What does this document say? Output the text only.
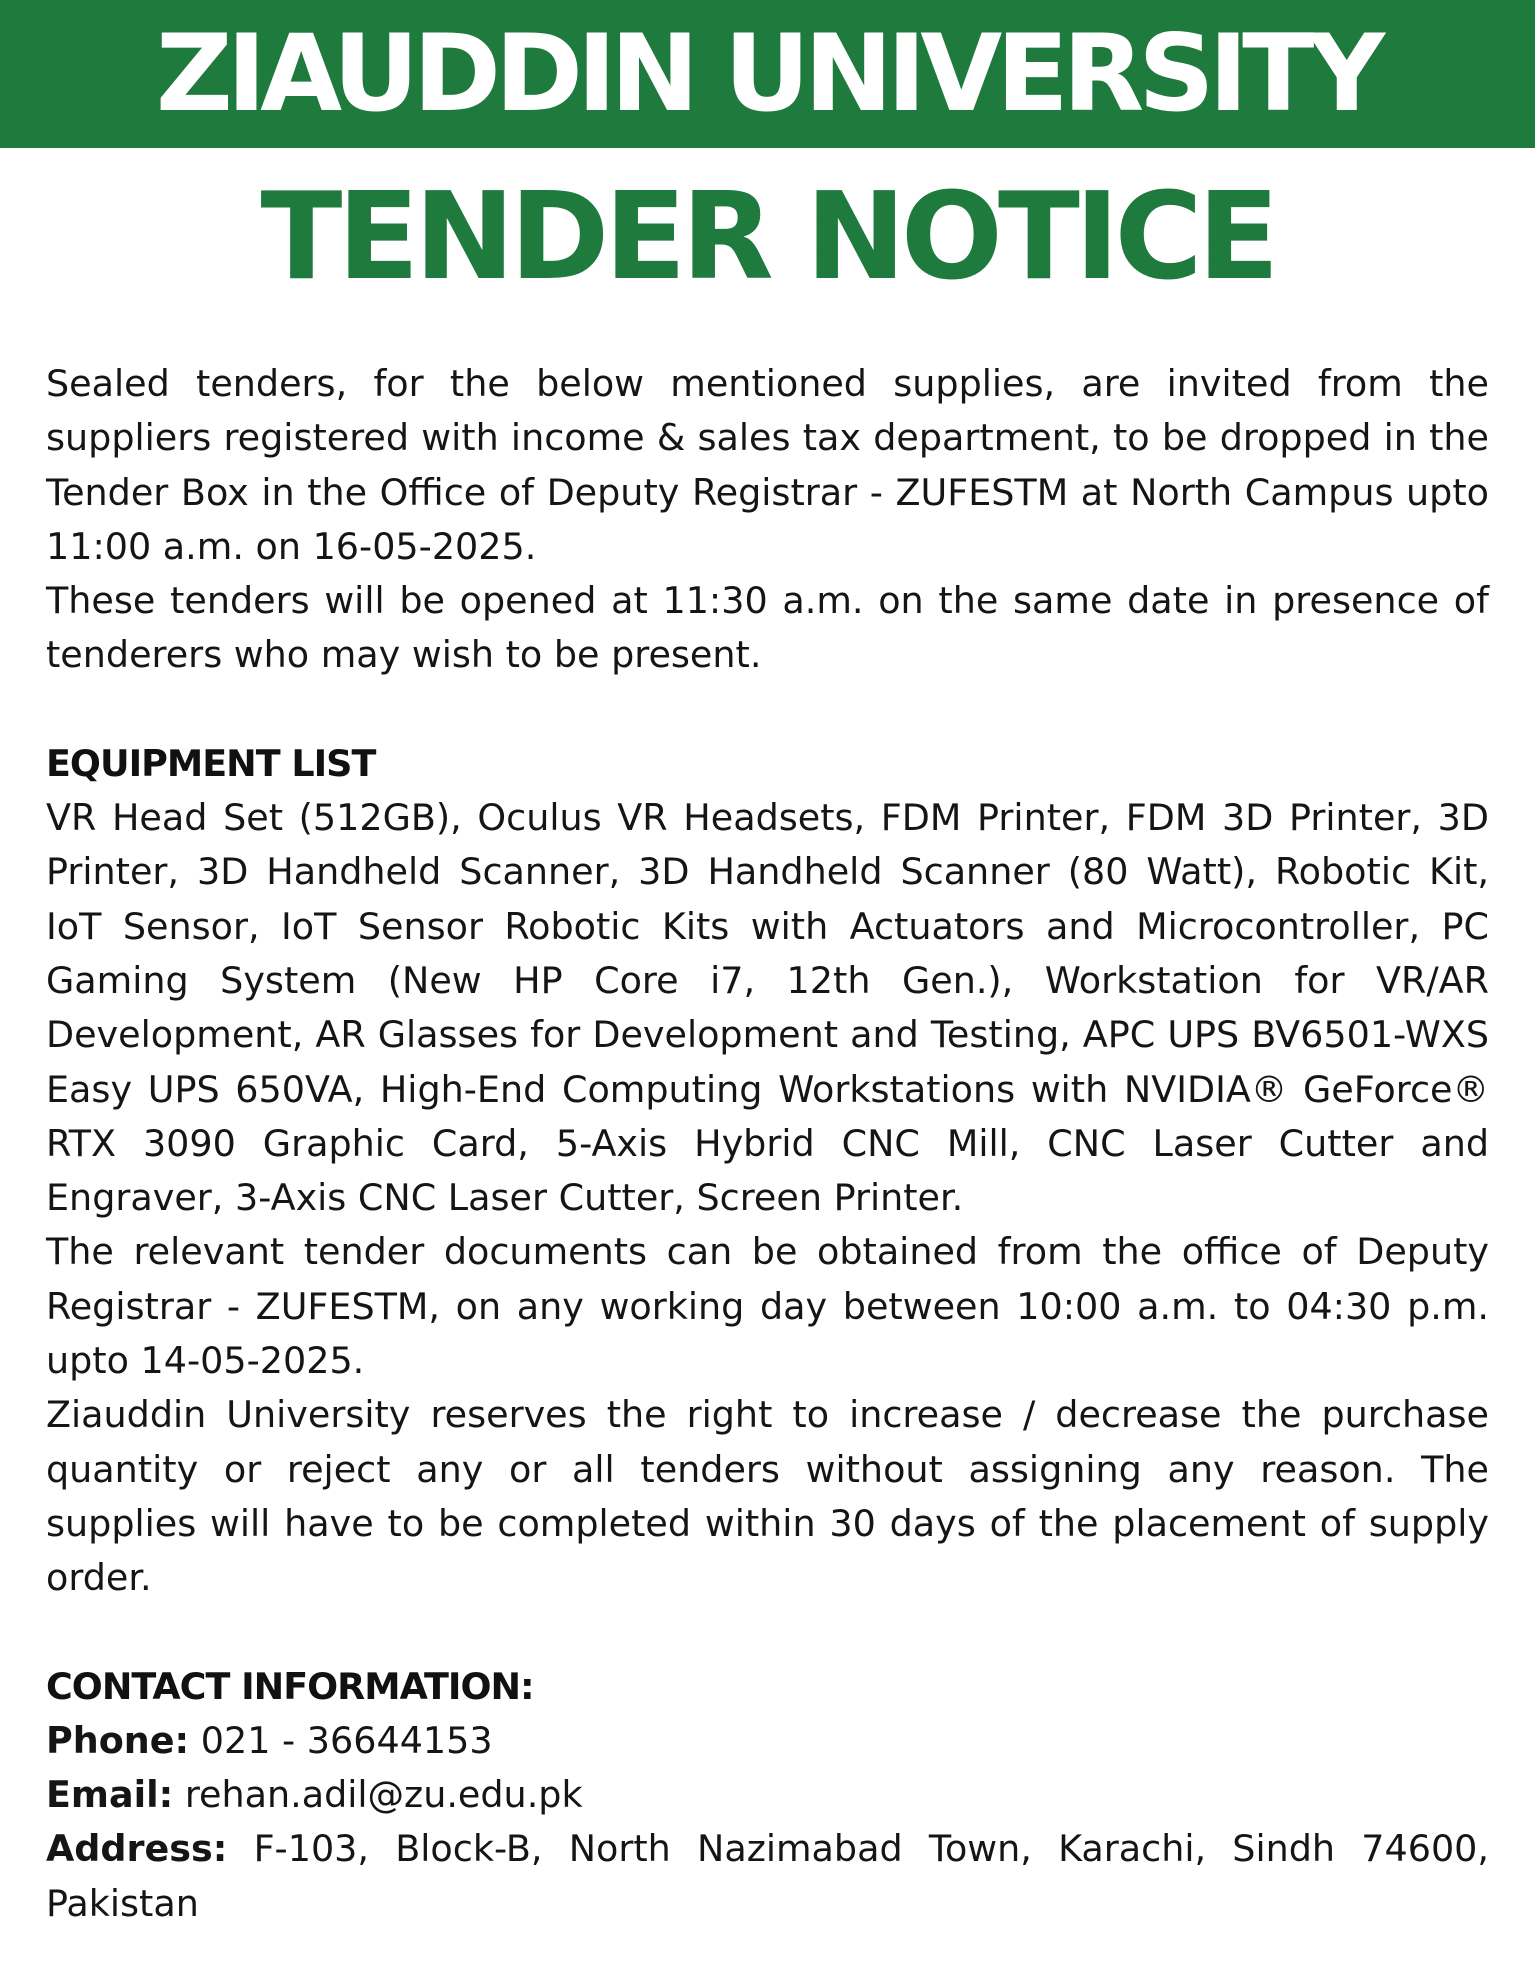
ZIAUDDIN UNIVERSITY
TENDER NOTICE

Sealed tenders, for the below mentioned supplies, are invited from the suppliers registered with income & sales tax department, to be dropped in the Tender Box in the Office of Deputy Registrar - ZUFESTM at North Campus upto 11:00 a.m. on 16-05-2025.

These tenders will be opened at 11:30 a.m. on the same date in presence of tenderers who may wish to be present.

EQUIPMENT LIST

VR Head Set (512GB), Oculus VR Headsets, FDM Printer, FDM 3D Printer, 3D Printer, 3D Handheld Scanner, 3D Handheld Scanner (80 Watt), Robotic Kit, IoT Sensor, IoT Sensor Robotic Kits with Actuators and Microcontroller, PC Gaming System (New HP Core i7, 12th Gen.), Workstation for VR/AR Development, AR Glasses for Development and Testing, APC UPS BV6501-WXS Easy UPS 650VA, High-End Computing Workstations with NVIDIA® GeForce® RTX 3090 Graphic Card, 5-Axis Hybrid CNC Mill, CNC Laser Cutter and Engraver, 3-Axis CNC Laser Cutter, Screen Printer.

The relevant tender documents can be obtained from the office of Deputy Registrar - ZUFESTM, on any working day between 10:00 a.m. to 04:30 p.m. upto 14-05-2025.

Ziauddin University reserves the right to increase / decrease the purchase quantity or reject any or all tenders without assigning any reason. The supplies will have to be completed within 30 days of the placement of supply order.

CONTACT INFORMATION:

Phone: 021 - 36644153

Email: rehan.adil@zu.edu.pk

Address: F-103, Block-B, North Nazimabad Town, Karachi, Sindh 74600, Pakistan
